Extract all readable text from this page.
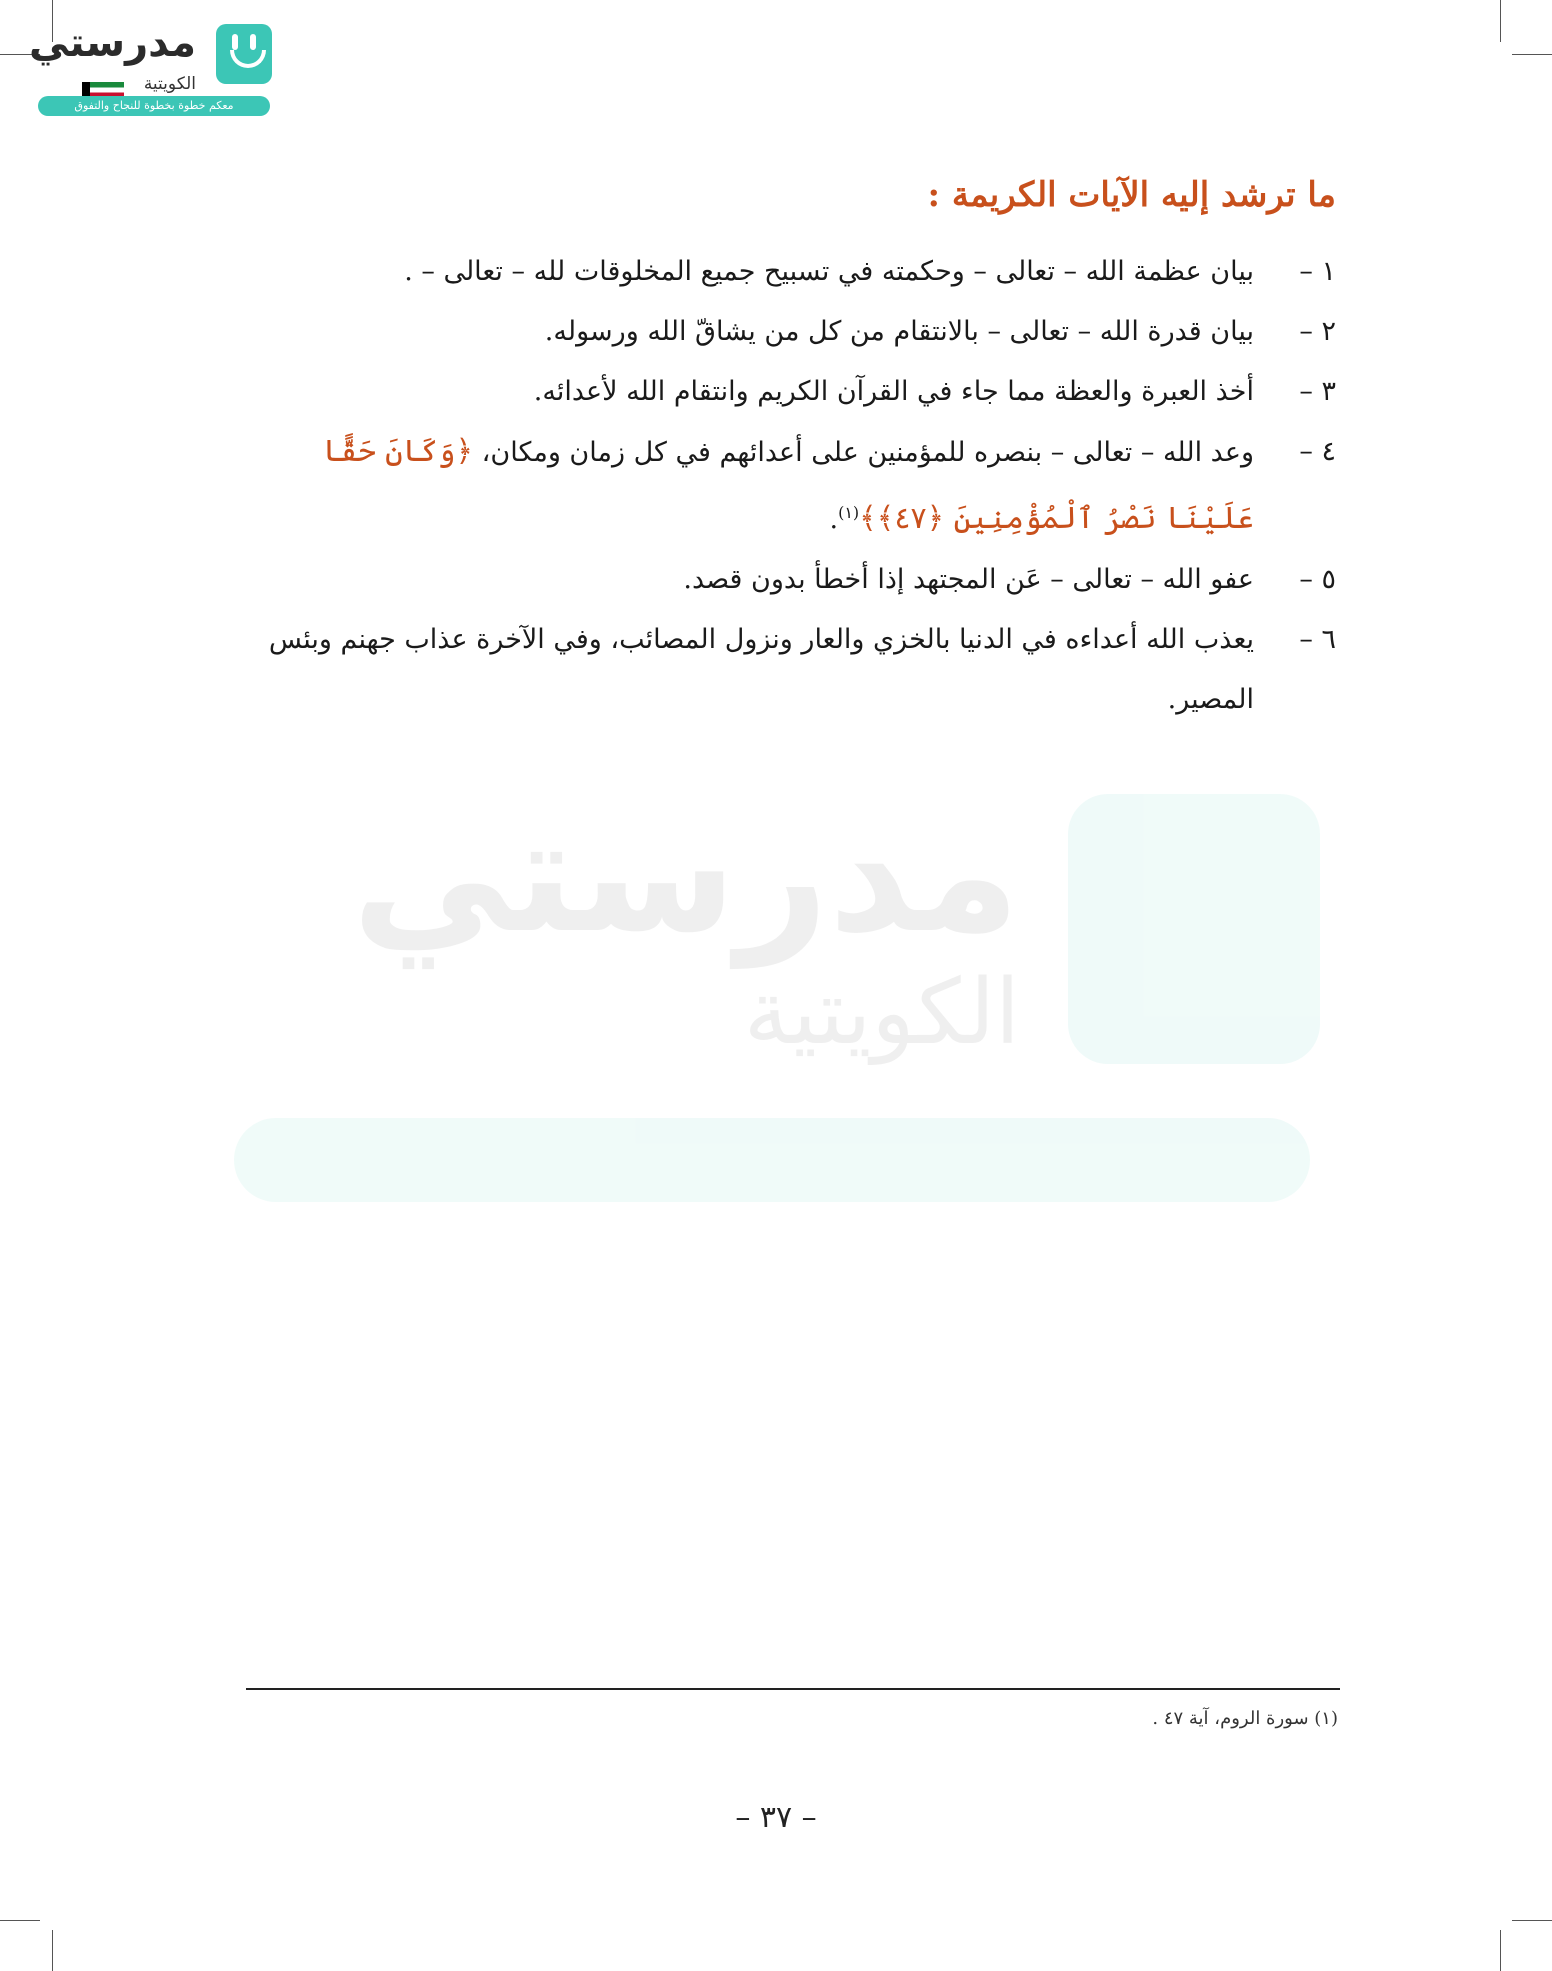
مدرستي
الكويتية
معكم خطوة بخطوة للنجاح والتفوق
مدرستي
الكويتية
ما ترشد إليه الآيات الكريمة :
١ –
بيان عظمة الله – تعالى – وحكمته في تسبيح جميع المخلوقات لله – تعالى – .
٢ –
بيان قدرة الله – تعالى – بالانتقام من كل من يشاقّ الله ورسوله.
٣ –
أخذ العبرة والعظة مما جاء في القرآن الكريم وانتقام الله لأعدائه.
٤ –
وعد الله – تعالى – بنصره للمؤمنين على أعدائهم في كل زمان ومكان، ﴿وَكَانَ حَقًّا عَلَيْنَا نَصْرُ ٱلْمُؤْمِنِينَ ﴿٤٧﴾﴾$^{(١)}$.
٥ –
عفو الله – تعالى – عَن المجتهد إذا أخطأ بدون قصد.
٦ –
يعذب الله أعداءه في الدنيا بالخزي والعار ونزول المصائب، وفي الآخرة عذاب جهنم وبئس المصير.
(١) سورة الروم، آية ٤٧ .
– ٣٧ –
